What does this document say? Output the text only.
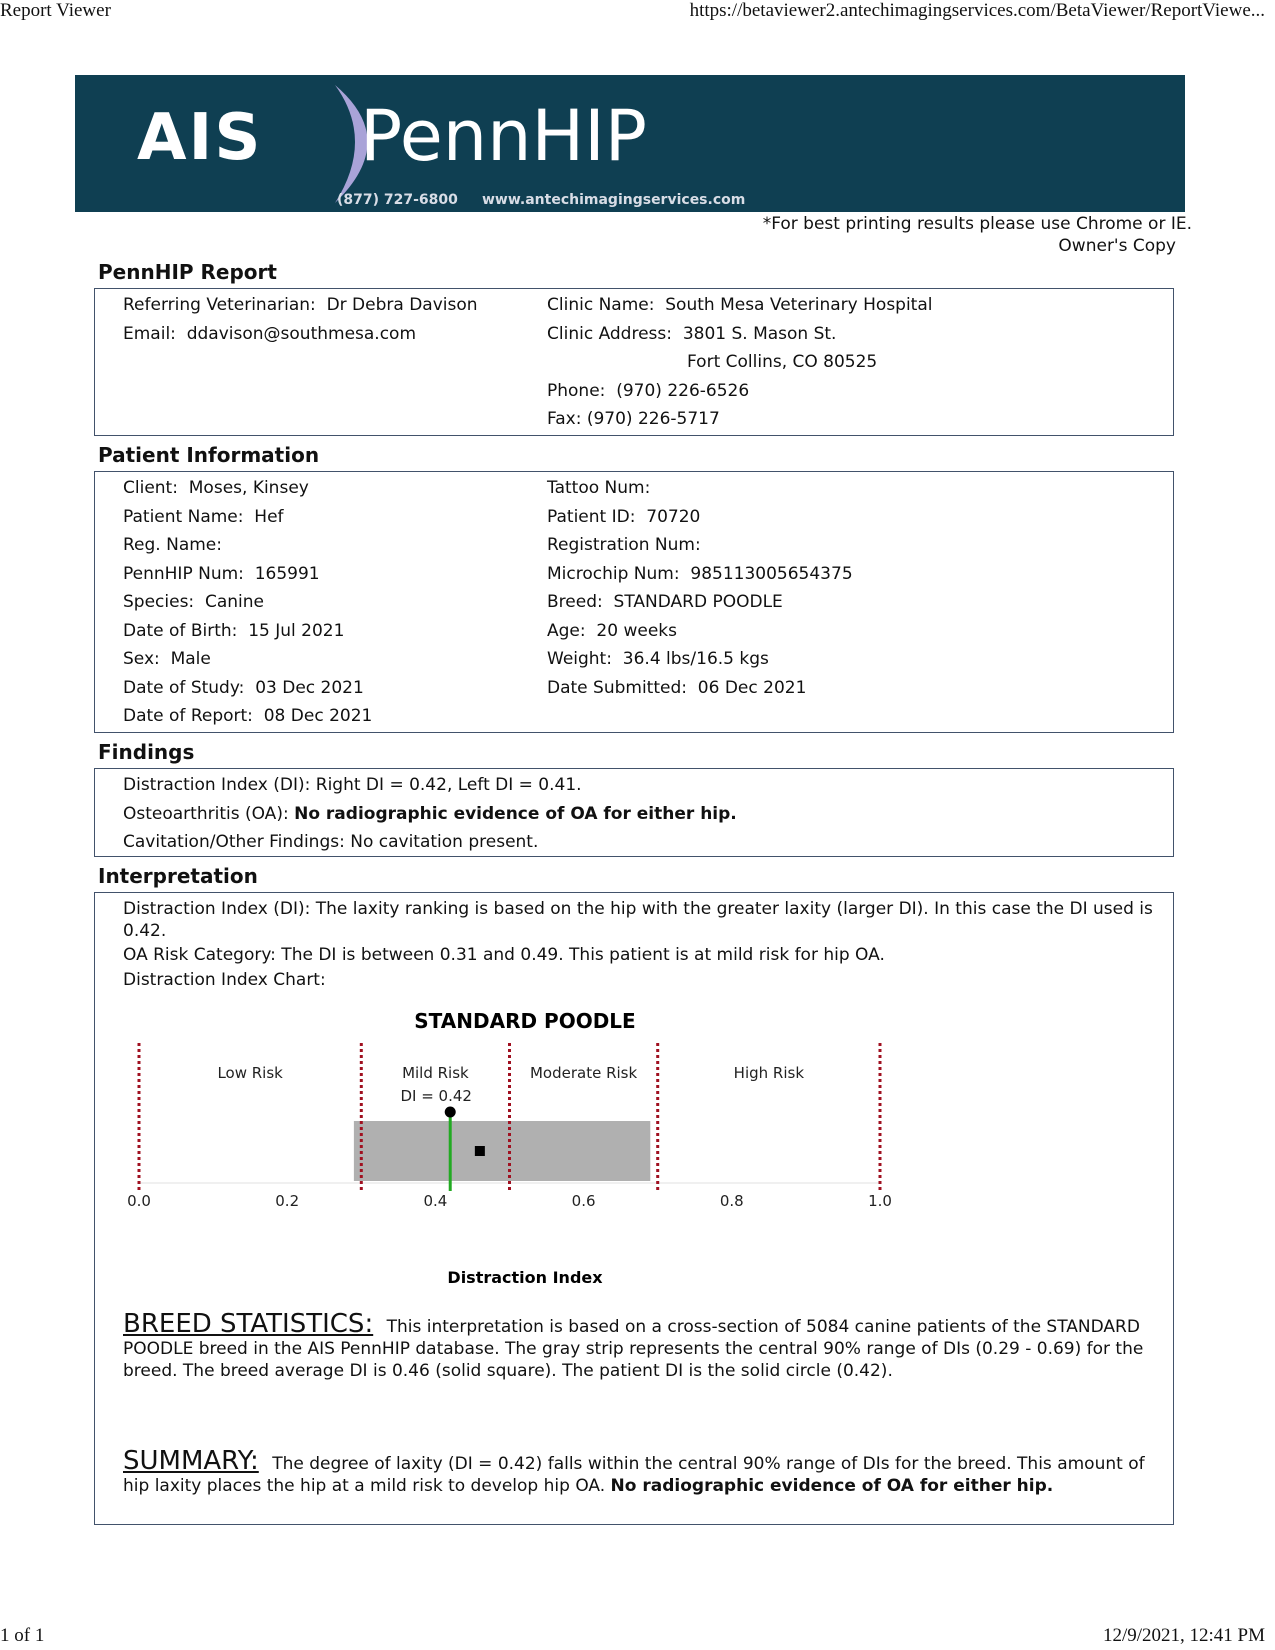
Report Viewer	https://betaviewer2.antechimagingservices.com/BetaViewer/ReportViewe...
AIS PennHIP
(877) 727-6800 www.antechimagingservices.com
*For best printing results please use Chrome or IE.
Owner's Copy
PennHIP Report
Referring Veterinarian: Dr Debra Davison
Email: ddavison@southmesa.com
Clinic Name: South Mesa Veterinary Hospital
Clinic Address: 3801 S. Mason St.
Fort Collins, CO 80525
Phone: (970) 226-6526
Fax: (970) 226-5717
Patient Information
Client: Moses, Kinsey
Patient Name: Hef
Reg. Name:
PennHIP Num: 165991
Species: Canine
Date of Birth: 15 Jul 2021
Sex: Male
Date of Study: 03 Dec 2021
Date of Report: 08 Dec 2021
Tattoo Num:
Patient ID: 70720
Registration Num:
Microchip Num: 985113005654375
Breed: STANDARD POODLE
Age: 20 weeks
Weight: 36.4 lbs/16.5 kgs
Date Submitted: 06 Dec 2021
Findings
Distraction Index (DI): Right DI = 0.42, Left DI = 0.41.
Osteoarthritis (OA): No radiographic evidence of OA for either hip.
Cavitation/Other Findings: No cavitation present.
Interpretation
Distraction Index (DI): The laxity ranking is based on the hip with the greater laxity (larger DI). In this case the DI used is 0.42.
OA Risk Category: The DI is between 0.31 and 0.49. This patient is at mild risk for hip OA.
Distraction Index Chart:
STANDARD POODLE
Distraction Index
Low Risk	Mild Risk	Moderate Risk	High Risk
DI = 0.42
0.0	0.2	0.4	0.6	0.8	1.0
BREED STATISTICS: This interpretation is based on a cross-section of 5084 canine patients of the STANDARD POODLE breed in the AIS PennHIP database. The gray strip represents the central 90% range of DIs (0.29 - 0.69) for the breed. The breed average DI is 0.46 (solid square). The patient DI is the solid circle (0.42).
SUMMARY: The degree of laxity (DI = 0.42) falls within the central 90% range of DIs for the breed. This amount of hip laxity places the hip at a mild risk to develop hip OA. No radiographic evidence of OA for either hip.
1 of 1	12/9/2021, 12:41 PM
